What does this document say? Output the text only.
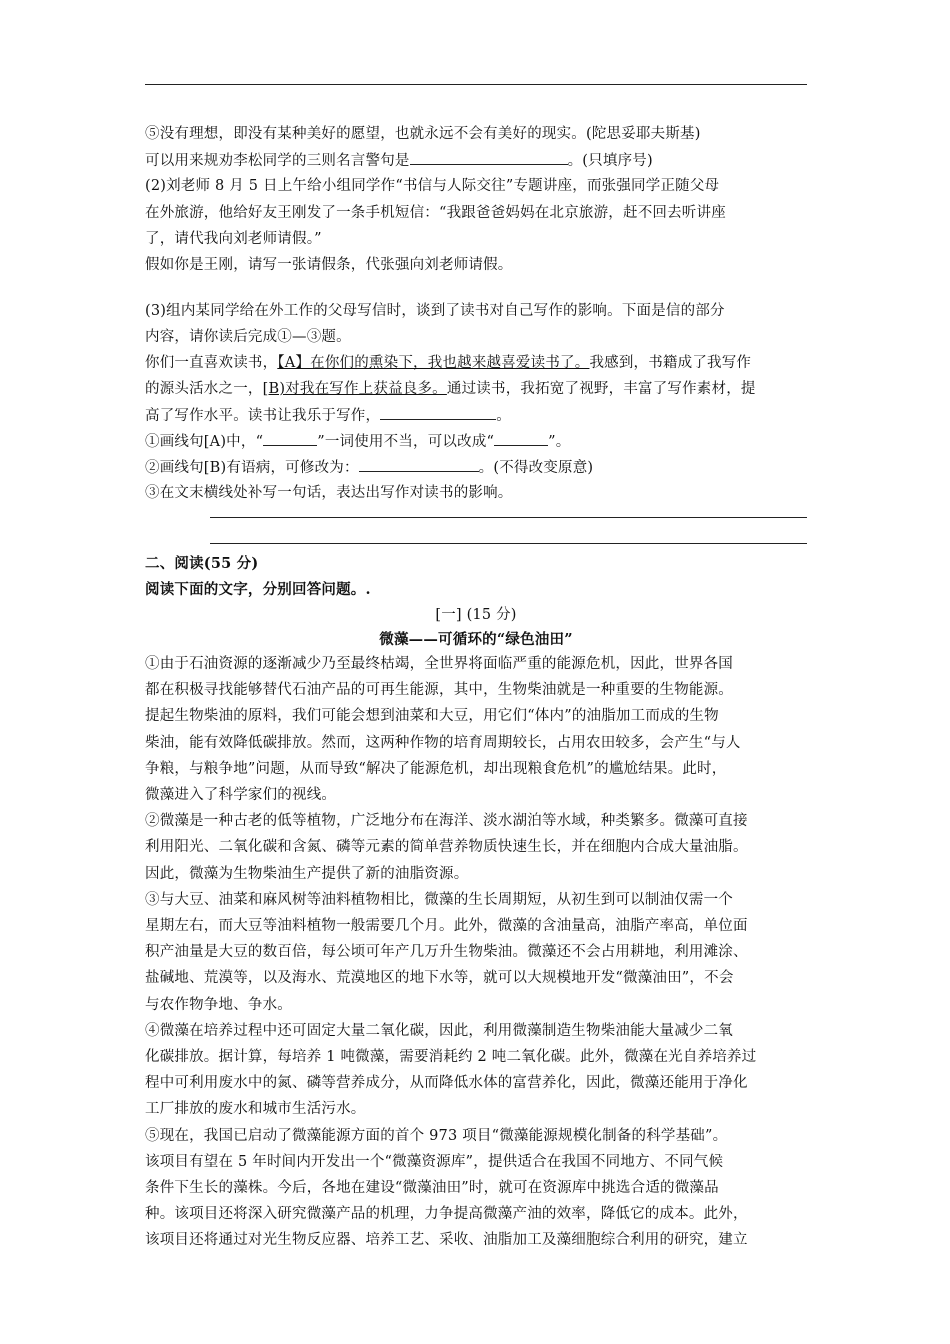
⑤没有理想，即没有某种美好的愿望，也就永远不会有美好的现实。(陀思妥耶夫斯基)
可以用来规劝李松同学的三则名言警句是	。(只填序号)
(2)刘老师 8 月 5 日上午给小组同学作“书信与人际交往”专题讲座，而张强同学正随父母
在外旅游，他给好友王刚发了一条手机短信：“我跟爸爸妈妈在北京旅游，赶不回去听讲座
了，请代我向刘老师请假。”
假如你是王刚，请写一张请假条，代张强向刘老师请假。
(3)组内某同学给在外工作的父母写信时，谈到了读书对自己写作的影响。下面是信的部分
内容，请你读后完成①—③题。
你们一直喜欢读书，【A】在你们的熏染下，我也越来越喜爱读书了。我感到，书籍成了我写作
的源头活水之一，[B)对我在写作上获益良多。通过读书，我拓宽了视野，丰富了写作素材，提
高了写作水平。读书让我乐于写作，	。
①画线句[A)中，“	”一词使用不当，可以改成“	”。
②画线句[B)有语病，可修改为：	。(不得改变原意)
③在文末横线处补写一句话，表达出写作对读书的影响。
二、阅读(55 分)
阅读下面的文字，分别回答问题。.
[一] (15 分)
微藻——可循环的“绿色油田”
①由于石油资源的逐渐减少乃至最终枯竭，全世界将面临严重的能源危机，因此，世界各国
都在积极寻找能够替代石油产品的可再生能源，其中，生物柴油就是一种重要的生物能源。
提起生物柴油的原料，我们可能会想到油菜和大豆，用它们“体内”的油脂加工而成的生物
柴油，能有效降低碳排放。然而，这两种作物的培育周期较长，占用农田较多，会产生“与人
争粮，与粮争地”问题，从而导致“解决了能源危机，却出现粮食危机”的尴尬结果。此时，
微藻进入了科学家们的视线。
②微藻是一种古老的低等植物，广泛地分布在海洋、淡水湖泊等水域，种类繁多。微藻可直接
利用阳光、二氧化碳和含氮、磷等元素的简单营养物质快速生长，并在细胞内合成大量油脂。
因此，微藻为生物柴油生产提供了新的油脂资源。
③与大豆、油菜和麻风树等油料植物相比，微藻的生长周期短，从初生到可以制油仅需一个
星期左右，而大豆等油料植物一般需要几个月。此外，微藻的含油量高，油脂产率高，单位面
积产油量是大豆的数百倍，每公顷可年产几万升生物柴油。微藻还不会占用耕地，利用滩涂、
盐碱地、荒漠等，以及海水、荒漠地区的地下水等，就可以大规模地开发“微藻油田”，不会
与农作物争地、争水。
④微藻在培养过程中还可固定大量二氧化碳，因此，利用微藻制造生物柴油能大量减少二氧
化碳排放。据计算，每培养 1 吨微藻，需要消耗约 2 吨二氧化碳。此外，微藻在光自养培养过
程中可利用废水中的氮、磷等营养成分，从而降低水体的富营养化，因此，微藻还能用于净化
工厂排放的废水和城市生活污水。
⑤现在，我国已启动了微藻能源方面的首个 973 项目“微藻能源规模化制备的科学基础”。
该项目有望在 5 年时间内开发出一个“微藻资源库”，提供适合在我国不同地方、不同气候
条件下生长的藻株。今后，各地在建设“微藻油田”时，就可在资源库中挑选合适的微藻品
种。该项目还将深入研究微藻产品的机理，力争提高微藻产油的效率，降低它的成本。此外，
该项目还将通过对光生物反应器、培养工艺、采收、油脂加工及藻细胞综合利用的研究，建立
